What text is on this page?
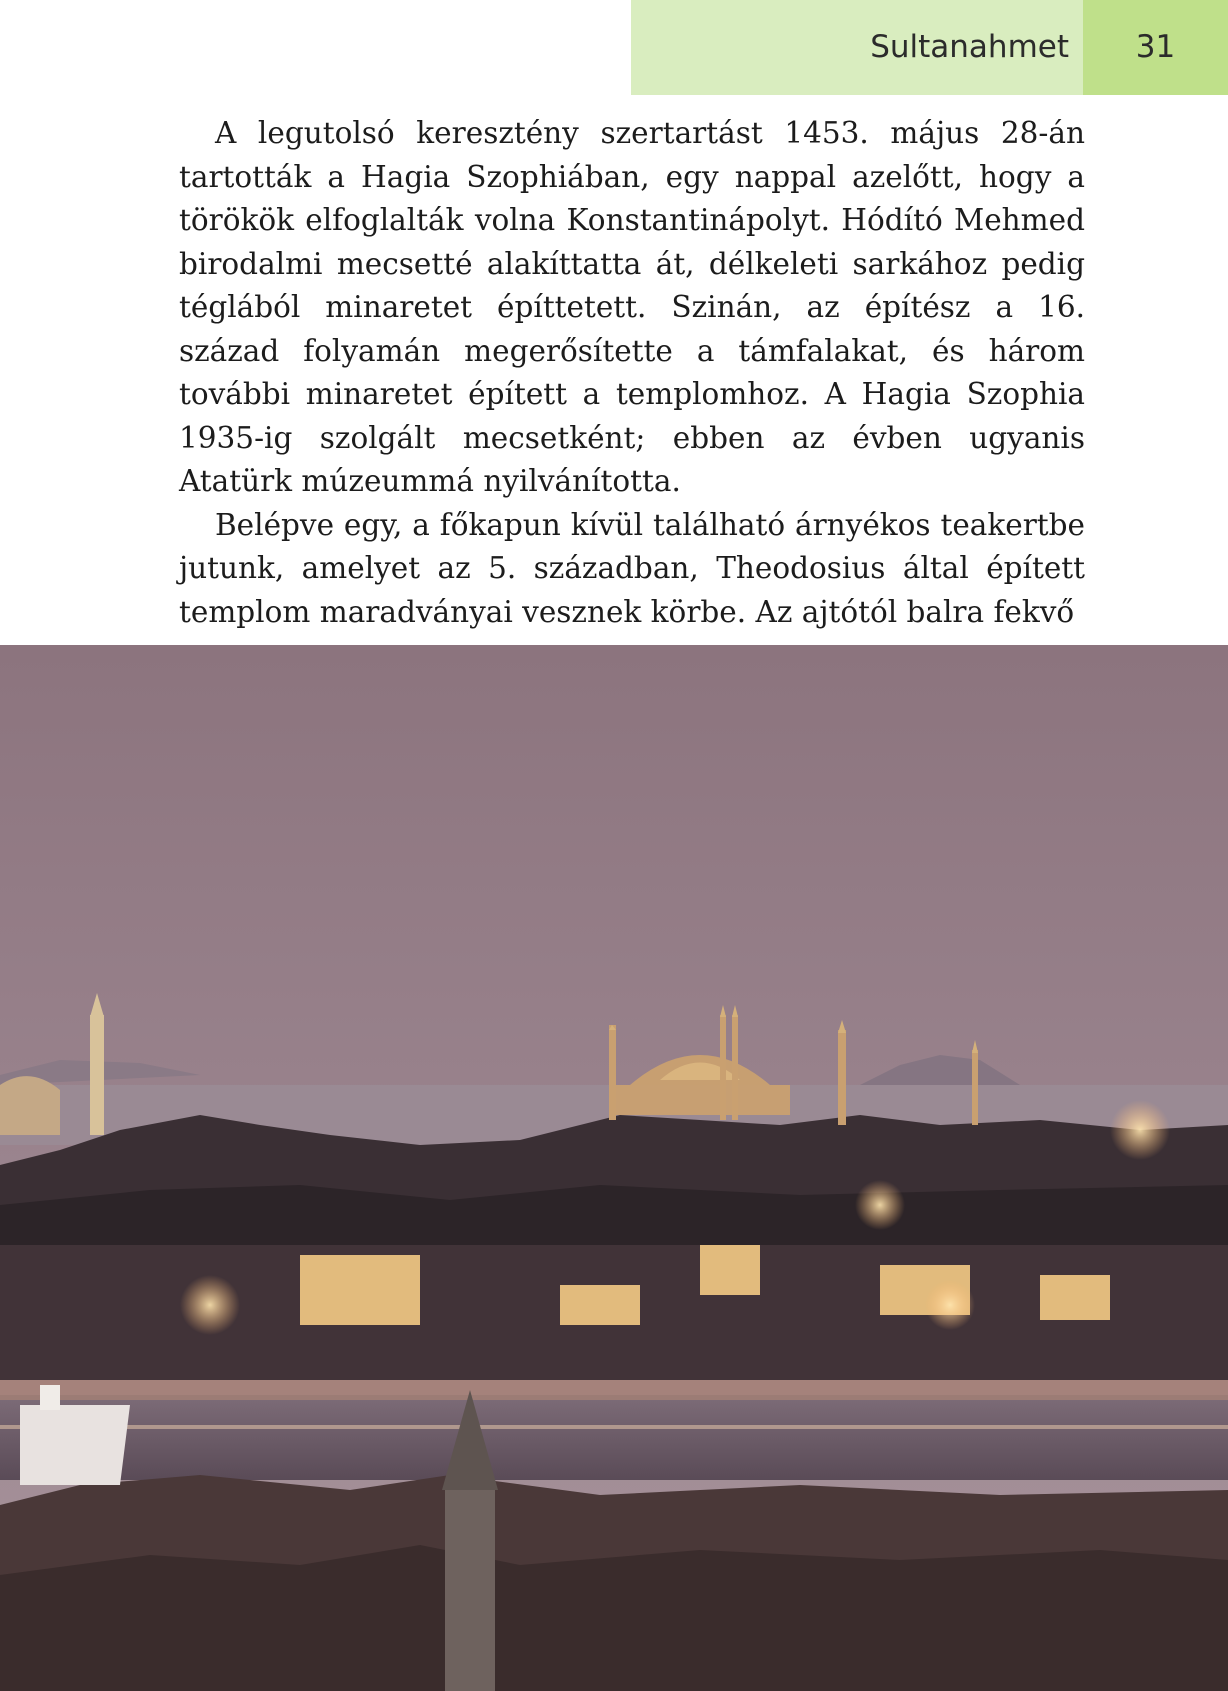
Sultanahmet	31

A legutolsó keresztény szertartást 1453. május 28-án tartották a Hagia Szophiában, egy nappal azelőtt, hogy a törökök elfoglalták volna Konstantinápolyt. Hódító Mehmed birodalmi mecsetté alakíttatta át, délkeleti sarkához pedig téglából minaretet építtetett. Szinán, az építész a 16. század folyamán megerősítette a támfalakat, és három további minaretet épített a templomhoz. A Hagia Szophia 1935-ig szolgált mecsetként; ebben az évben ugyanis Atatürk múzeummá nyilvánította.

Belépve egy, a főkapun kívül található árnyékos teakertbe jutunk, amelyet az 5. században, Theodosius által épített templom maradványai vesznek körbe. Az ajtótól balra fekvő
